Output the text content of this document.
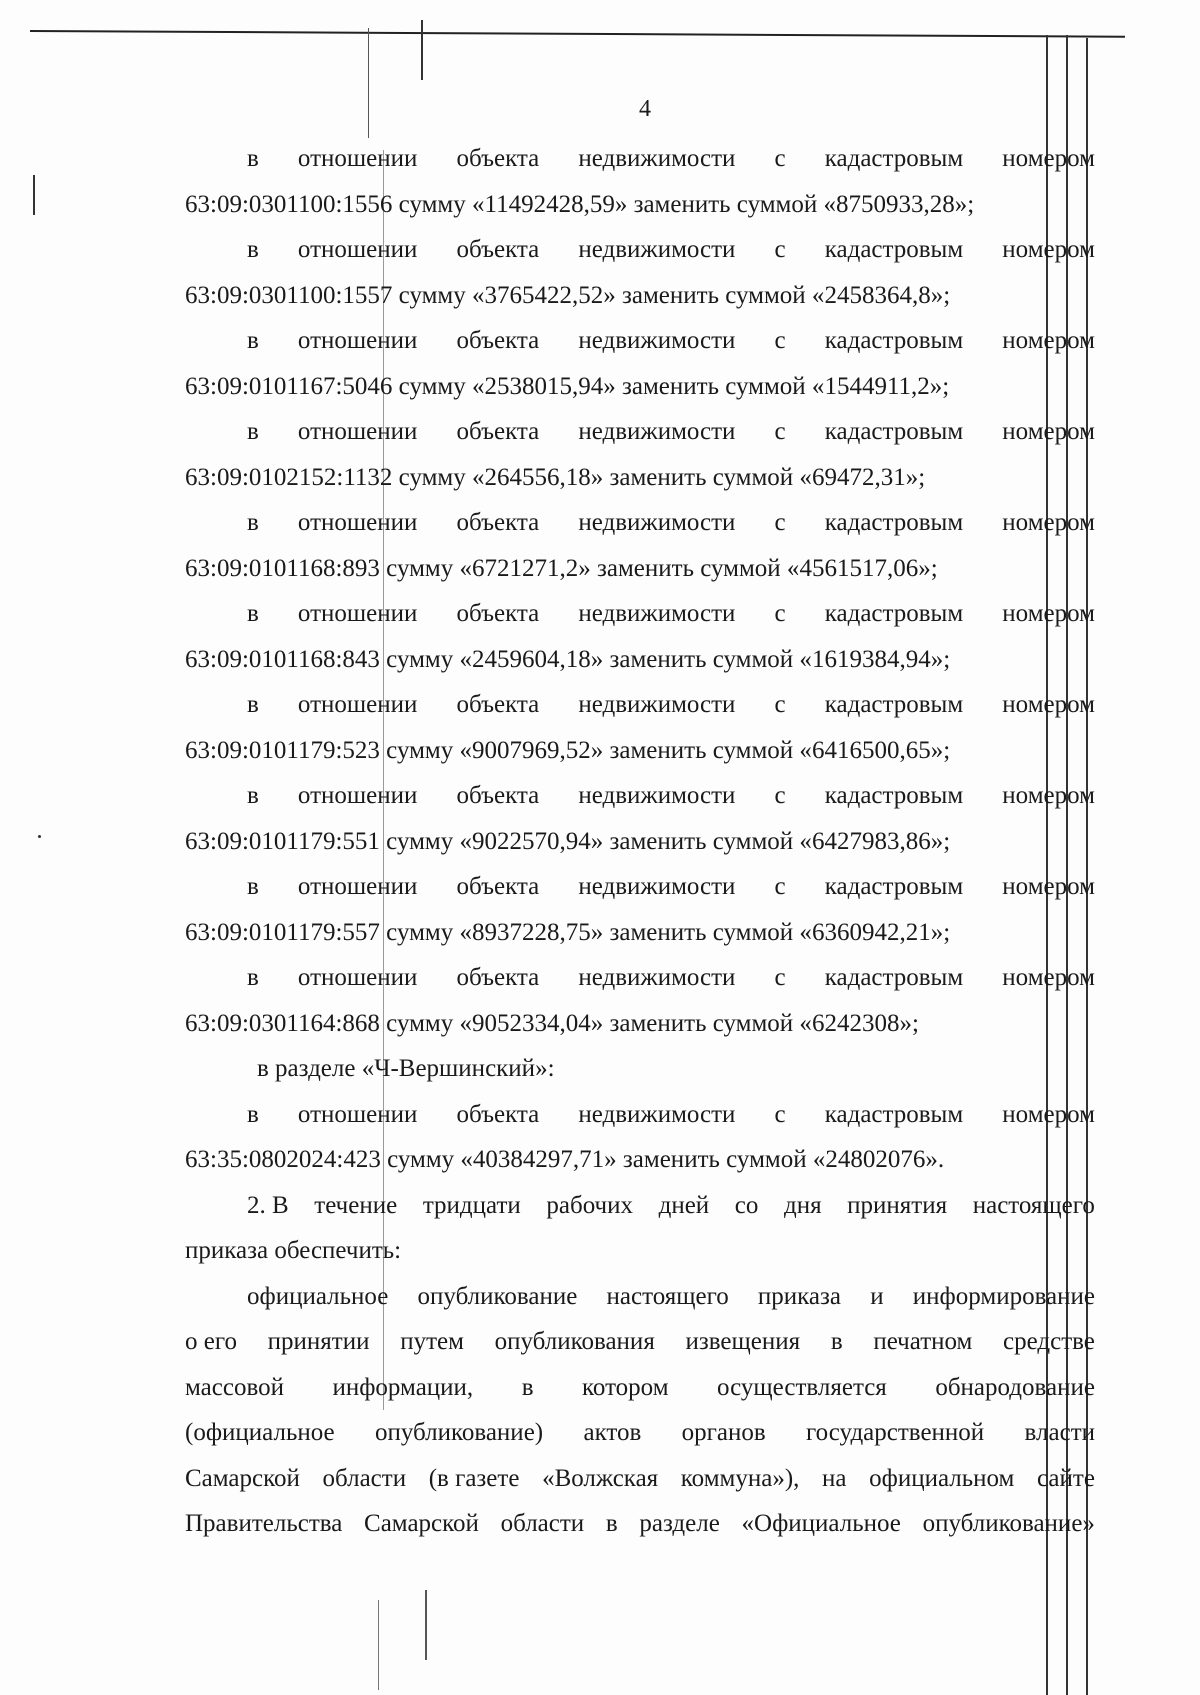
4
в отношении объекта недвижимости с кадастровым номером
63:09:0301100:1556 сумму «11492428,59» заменить суммой «8750933,28»;
в отношении объекта недвижимости с кадастровым номером
63:09:0301100:1557 сумму «3765422,52» заменить суммой «2458364,8»;
в отношении объекта недвижимости с кадастровым номером
63:09:0101167:5046 сумму «2538015,94» заменить суммой «1544911,2»;
в отношении объекта недвижимости с кадастровым номером
63:09:0102152:1132 сумму «264556,18» заменить суммой «69472,31»;
в отношении объекта недвижимости с кадастровым номером
63:09:0101168:893 сумму «6721271,2» заменить суммой «4561517,06»;
в отношении объекта недвижимости с кадастровым номером
63:09:0101168:843 сумму «2459604,18» заменить суммой «1619384,94»;
в отношении объекта недвижимости с кадастровым номером
63:09:0101179:523 сумму «9007969,52» заменить суммой «6416500,65»;
в отношении объекта недвижимости с кадастровым номером
63:09:0101179:551 сумму «9022570,94» заменить суммой «6427983,86»;
в отношении объекта недвижимости с кадастровым номером
63:09:0101179:557 сумму «8937228,75» заменить суммой «6360942,21»;
в отношении объекта недвижимости с кадастровым номером
63:09:0301164:868 сумму «9052334,04» заменить суммой «6242308»;
в разделе «Ч-Вершинский»:
в отношении объекта недвижимости с кадастровым номером
63:35:0802024:423 сумму «40384297,71» заменить суммой «24802076».
2. В течение тридцати рабочих дней со дня принятия настоящего
приказа обеспечить:
официальное опубликование настоящего приказа и информирование
о его принятии путем опубликования извещения в печатном средстве
массовой информации, в котором осуществляется обнародование
(официальное опубликование) актов органов государственной власти
Самарской области (в газете «Волжская коммуна»), на официальном сайте
Правительства Самарской области в разделе «Официальное опубликование»
